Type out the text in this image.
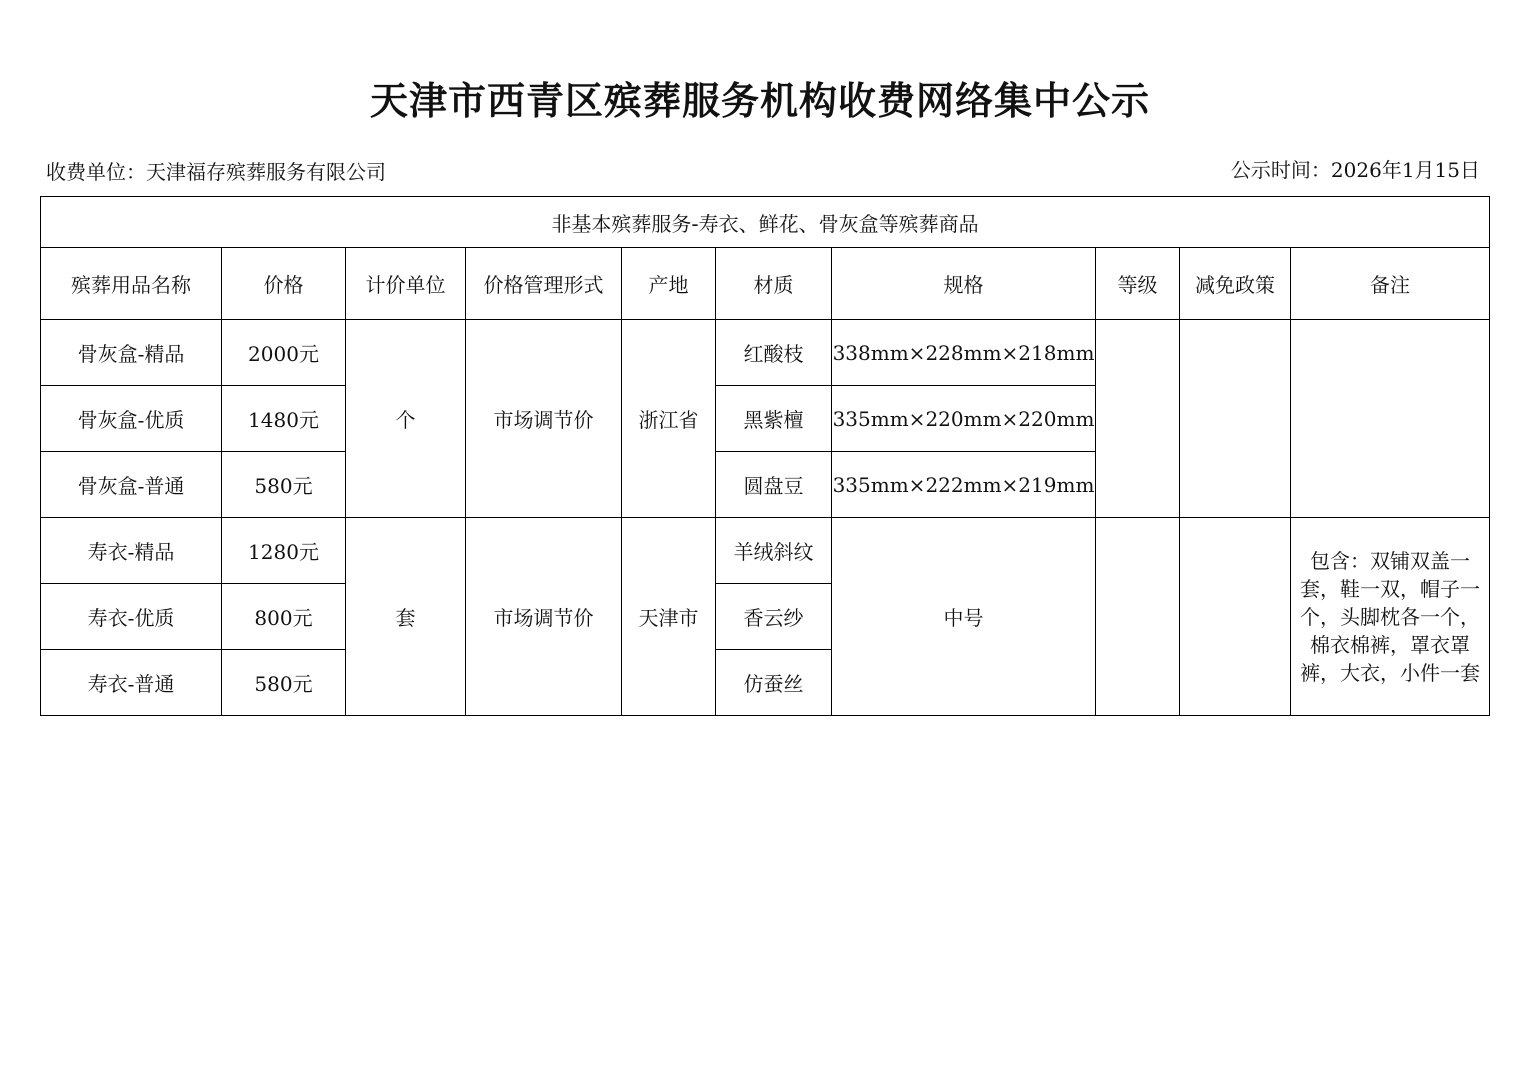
天津市西青区殡葬服务机构收费网络集中公示
收费单位：天津福存殡葬服务有限公司	公示时间：2026年1月15日
非基本殡葬服务-寿衣、鲜花、骨灰盒等殡葬商品									
殡葬用品名称	价格	计价单位	价格管理形式	产地	材质	规格	等级	减免政策	备注
骨灰盒-精品	2000元	个	市场调节价	浙江省	红酸枝	338mm×228mm×218mm			
骨灰盒-优质	1480元				黑紫檀	335mm×220mm×220mm			
骨灰盒-普通	580元				圆盘豆	335mm×222mm×219mm			
寿衣-精品	1280元	套	市场调节价	天津市	羊绒斜纹	中号			包含：双铺双盖一套，鞋一双，帽子一个，头脚枕各一个，棉衣棉裤，罩衣罩裤，大衣，小件一套
寿衣-优质	800元				香云纱				
寿衣-普通	580元				仿蚕丝				
